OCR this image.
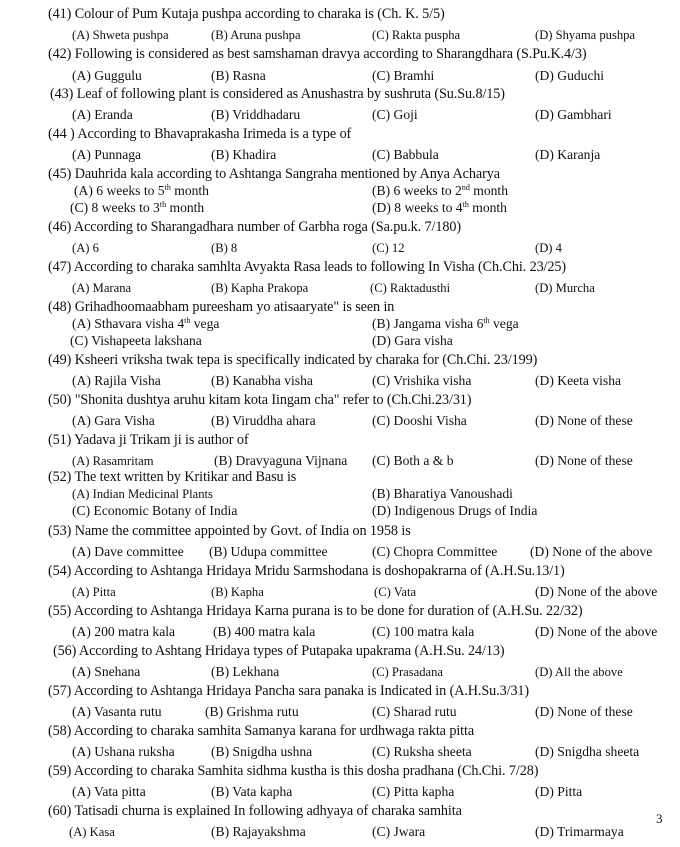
(41) Colour of Pum Kutaja pushpa according to charaka is (Ch. K. 5/5)
(A) Shweta pushpa	(B) Aruna pushpa	(C) Rakta puspha	(D) Shyama pushpa
(42) Following is considered as best samshaman dravya according to Sharangdhara (S.Pu.K.4/3)
(A) Guggulu	(B) Rasna	(C) Bramhi	(D) Guduchi
(43) Leaf of following plant is considered as Anushastra by sushruta (Su.Su.8/15)
(A) Eranda	(B) Vriddhadaru	(C) Goji	(D) Gambhari
(44 ) According to Bhavaprakasha Irimeda is a type of
(A) Punnaga	(B) Khadira	(C) Babbula	(D) Karanja
(45) Dauhrida kala according to Ashtanga Sangraha mentioned by Anya Acharya
(A) 6 weeks to 5th month	(B) 6 weeks to 2nd month
(C) 8 weeks to 3th month	(D) 8 weeks to 4th month
(46) According to Sharangadhara number of Garbha roga (Sa.pu.k. 7/180)
(A) 6	(B) 8	(C) 12	(D) 4
(47) According to charaka samhlta Avyakta Rasa leads to following In Visha (Ch.Chi. 23/25)
(A) Marana	(B) Kapha Prakopa	(C) Raktadusthi	(D) Murcha
(48) Grihadhoomaabham pureesham yo atisaaryate" is seen in
(A) Sthavara visha 4th vega	(B) Jangama visha 6th vega
(C) Vishapeeta lakshana	(D) Gara visha
(49) Ksheeri vriksha twak tepa is specifically indicated by charaka for (Ch.Chi. 23/199)
(A) Rajila Visha	(B) Kanabha visha	(C) Vrishika visha	(D) Keeta visha
(50) "Shonita dushtya aruhu kitam kota Iingam cha" refer to (Ch.Chi.23/31)
(A) Gara Visha	(B) Viruddha ahara	(C) Dooshi Visha	(D) None of these
(51) Yadava ji Trikam ji is author of
(A) Rasamritam	(B) Dravyaguna Vijnana (C) Both a & b	(D) None of these
(52) The text written by Kritikar and Basu is
(A) Indian Medicinal Plants	(B) Bharatiya Vanoushadi
(C) Economic Botany of India	(D) Indigenous Drugs of India
(53) Name the committee appointed by Govt. of India on 1958 is
(A) Dave committee (B) Udupa committee	(C) Chopra Committee (D) None of the above
(54) According to Ashtanga Hridaya Mridu Sarmshodana is doshopakrarna of (A.H.Su.13/1)
(A) Pitta	(B) Kapha	(C) Vata	(D) None of the above
(55) According to Ashtanga Hridaya Karna purana is to be done for duration of (A.H.Su. 22/32)
(A) 200 matra kala	(B) 400 matra kala	(C) 100 matra kala	(D) None of the above
(56) According to Ashtang Hridaya types of Putapaka upakrama (A.H.Su. 24/13)
(A) Snehana	(B) Lekhana	(C) Prasadana	(D) All the above
(57) According to Ashtanga Hridaya Pancha sara panaka is Indicated in (A.H.Su.3/31)
(A) Vasanta rutu	(B) Grishma rutu	(C) Sharad rutu	(D) None of these
(58) According to charaka samhita Samanya karana for urdhwaga rakta pitta
(A) Ushana ruksha	(B) Snigdha ushna	(C) Ruksha sheeta	(D) Snigdha sheeta
(59) According to charaka Samhita sidhma kustha is this dosha pradhana (Ch.Chi. 7/28)
(A) Vata pitta	(B) Vata kapha	(C) Pitta kapha	(D) Pitta
(60) Tatisadi churna is explained In following adhyaya of charaka samhita
(A) Kasa	(B) Rajayakshma	(C) Jwara	(D) Trimarmaya
3
